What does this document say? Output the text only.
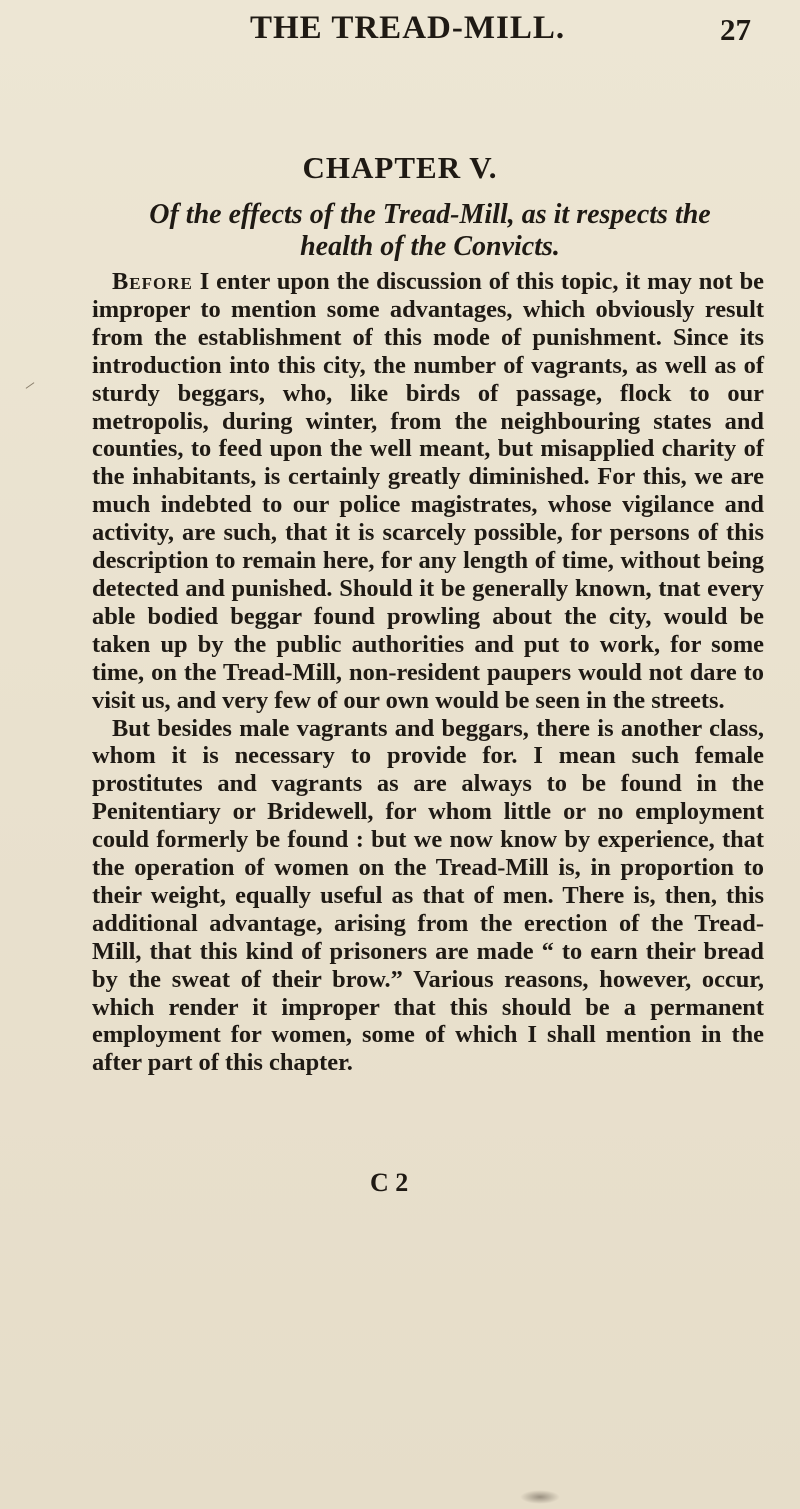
THE TREAD-MILL.	27
CHAPTER V.
Of the effects of the Tread-Mill, as it respects the health of the Convicts.

Before I enter upon the discussion of this topic, it may not be improper to mention some advantages, which obviously result from the establishment of this mode of punishment. Since its introduction into this city, the number of vagrants, as well as of sturdy beggars, who, like birds of passage, flock to our metropolis, during winter, from the neighbouring states and counties, to feed upon the well meant, but misapplied charity of the inhabitants, is certainly greatly diminished. For this, we are much indebted to our police magistrates, whose vigilance and activity, are such, that it is scarcely possible, for persons of this description to remain here, for any length of time, without being detected and punished. Should it be generally known, tnat every able bodied beggar found prowling about the city, would be taken up by the public authorities and put to work, for some time, on the Tread-Mill, non-resident paupers would not dare to visit us, and very few of our own would be seen in the streets.

But besides male vagrants and beggars, there is another class, whom it is necessary to provide for. I mean such female prostitutes and vagrants as are always to be found in the Penitentiary or Bridewell, for whom little or no employment could formerly be found : but we now know by experience, that the operation of women on the Tread-Mill is, in proportion to their weight, equally useful as that of men. There is, then, this additional advantage, arising from the erection of the Tread-Mill, that this kind of prisoners are made “ to earn their bread by the sweat of their brow.” Various reasons, however, occur, which render it improper that this should be a permanent employment for women, some of which I shall mention in the after part of this chapter.

C 2
